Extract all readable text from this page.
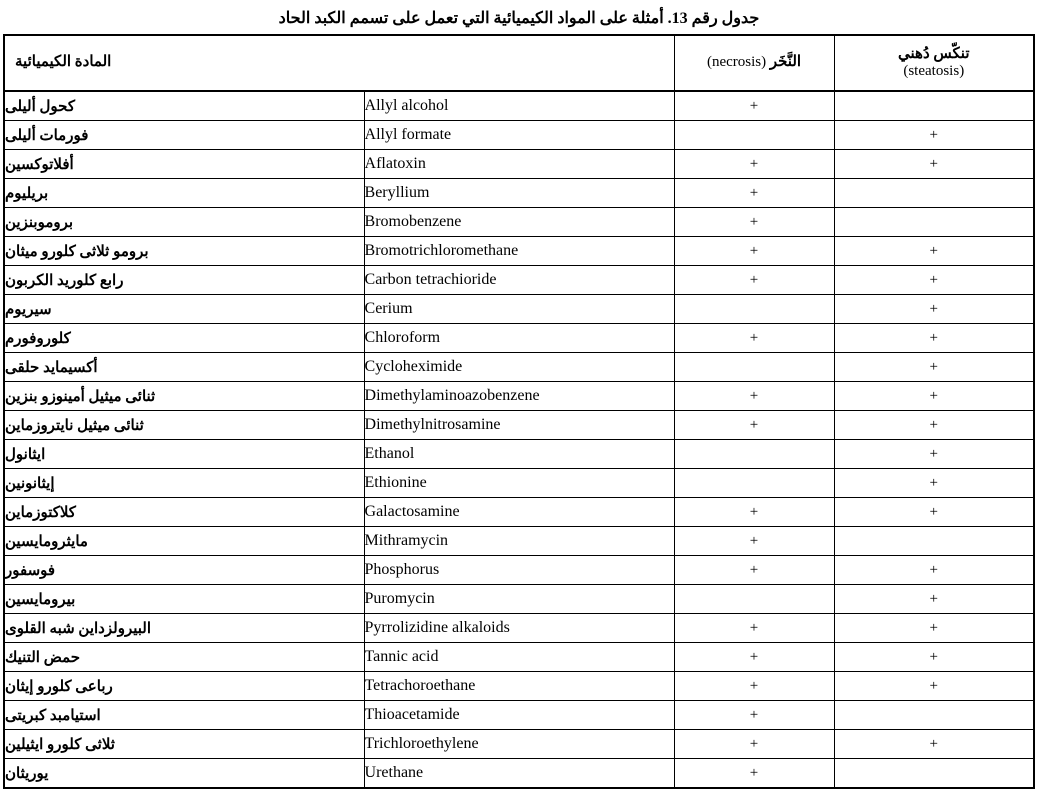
جدول رقم 13. أمثلة على المواد الكيميائية التي تعمل على تسمم الكبد الحاد
تنكّس دُهني
(steatosis)	النَّخَر (necrosis)	المادة الكيميائية	
	+	Allyl alcohol	كحول أليلى
+		Allyl formate	فورمات أليلى
+	+	Aflatoxin	أفلاتوكسين
	+	Beryllium	بريليوم
	+	Bromobenzene	بروموبنزين
+	+	Bromotrichloromethane	برومو ثلاثى كلورو ميثان
+	+	Carbon tetrachioride	رابع كلوريد الكربون
+		Cerium	سيريوم
+	+	Chloroform	كلوروفورم
+		Cycloheximide	أكسيمايد حلقى
+	+	Dimethylaminoazobenzene	ثنائى ميثيل أمينوزو بنزين
+	+	Dimethylnitrosamine	ثنائى ميثيل نايتروزماين
+		Ethanol	ايثانول
+		Ethionine	إيثانونين
+	+	Galactosamine	كلاكتوزماين
	+	Mithramycin	مايثرومايسين
+	+	Phosphorus	فوسفور
+		Puromycin	بيرومايسين
+	+	Pyrrolizidine alkaloids	البيرولزداين شبه القلوى
+	+	Tannic acid	حمض التنيك
+	+	Tetrachoroethane	رباعى كلورو إيثان
	+	Thioacetamide	استيامبد كبريتى
+	+	Trichloroethylene	ثلاثى كلورو ايثيلين
	+	Urethane	يوريثان
